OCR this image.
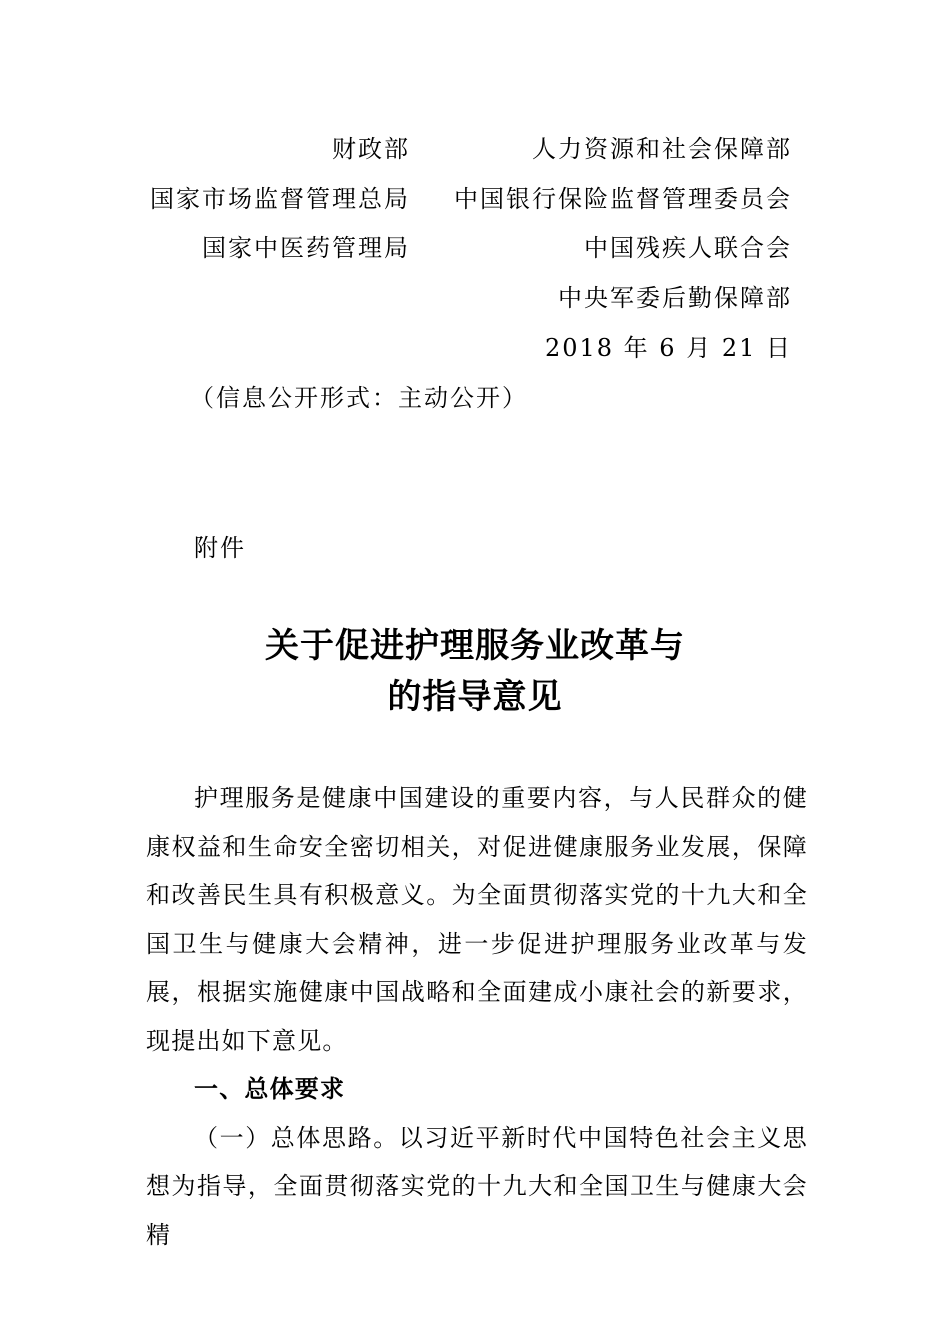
财政部	人力资源和社会保障部
国家市场监督管理总局 中国银行保险监督管理委员会
国家中医药管理局	中国残疾人联合会
中央军委后勤保障部
2018 年 6 月 21 日
（信息公开形式：主动公开）
附件
关于促进护理服务业改革与
的指导意见

护理服务是健康中国建设的重要内容，与人民群众的健康权益和生命安全密切相关，对促进健康服务业发展，保障和改善民生具有积极意义。为全面贯彻落实党的十九大和全国卫生与健康大会精神，进一步促进护理服务业改革与发展，根据实施健康中国战略和全面建成小康社会的新要求，现提出如下意见。

一、总体要求

（一）总体思路。以习近平新时代中国特色社会主义思想为指导，全面贯彻落实党的十九大和全国卫生与健康大会精
